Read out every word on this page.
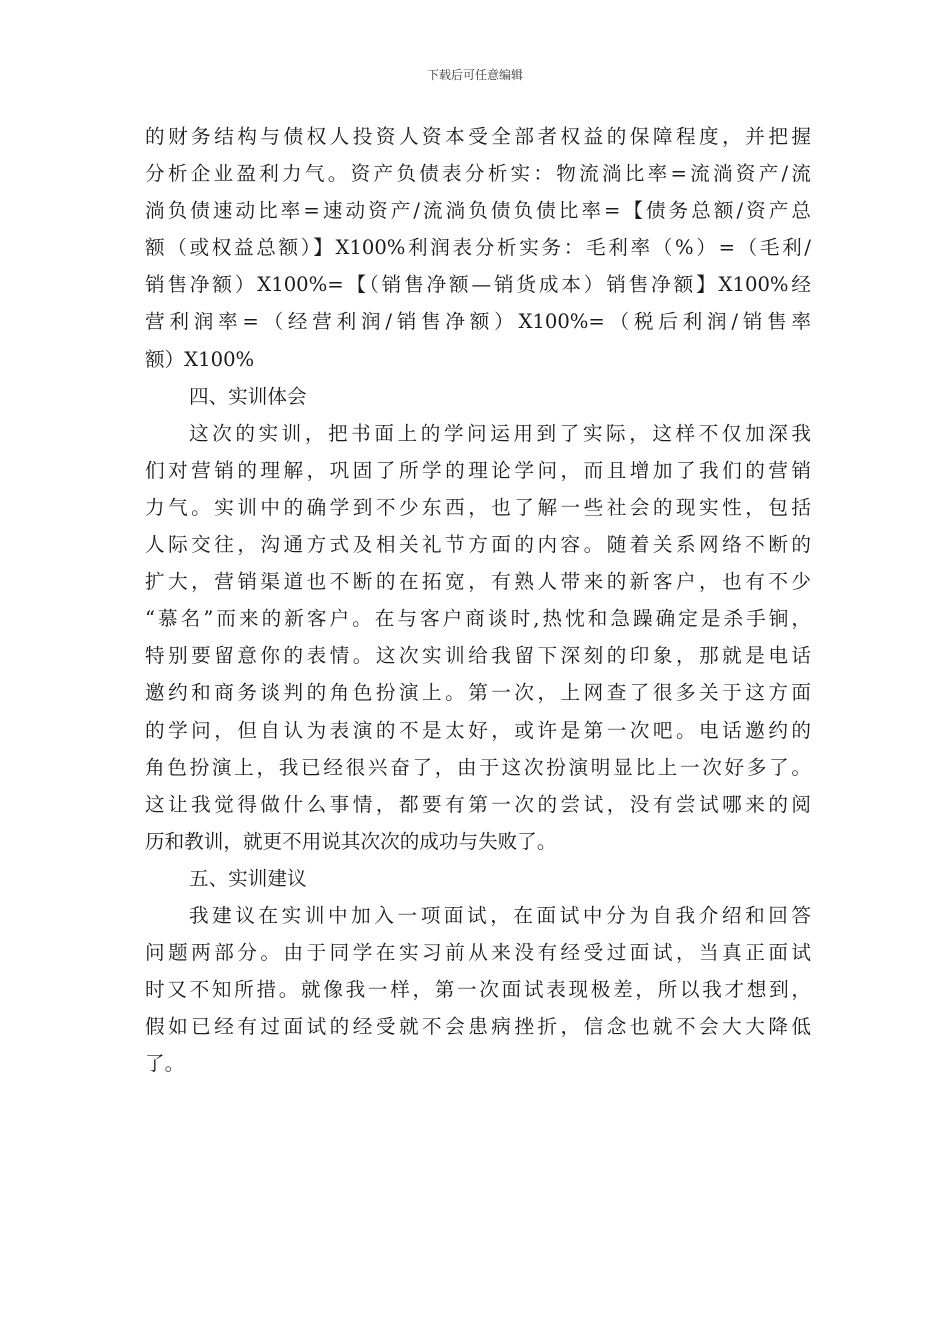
下载后可任意编辑
的财务结构与债权人投资人资本受全部者权益的保障程度，并把握
分析企业盈利力气。资产负债表分析实：物流淌比率=流淌资产/流
淌负债速动比率=速动资产/流淌负债负债比率=【债务总额/资产总
额（或权益总额）】X100%利润表分析实务：毛利率（%）=（毛利/
销售净额）X100%=【（销售净额—销货成本）销售净额】X100%经
营利润率=（经营利润/销售净额）X100%=（税后利润/销售率
额）X100%
四、实训体会
这次的实训，把书面上的学问运用到了实际，这样不仅加深我
们对营销的理解，巩固了所学的理论学问，而且增加了我们的营销
力气。实训中的确学到不少东西，也了解一些社会的现实性，包括
人际交往，沟通方式及相关礼节方面的内容。随着关系网络不断的
扩大，营销渠道也不断的在拓宽，有熟人带来的新客户，也有不少
“慕名”而来的新客户。在与客户商谈时,热忱和急躁确定是杀手锏，
特别要留意你的表情。这次实训给我留下深刻的印象，那就是电话
邀约和商务谈判的角色扮演上。第一次，上网查了很多关于这方面
的学问，但自认为表演的不是太好，或许是第一次吧。电话邀约的
角色扮演上，我已经很兴奋了，由于这次扮演明显比上一次好多了。
这让我觉得做什么事情，都要有第一次的尝试，没有尝试哪来的阅
历和教训，就更不用说其次次的成功与失败了。
五、实训建议
我建议在实训中加入一项面试，在面试中分为自我介绍和回答
问题两部分。由于同学在实习前从来没有经受过面试，当真正面试
时又不知所措。就像我一样，第一次面试表现极差，所以我才想到，
假如已经有过面试的经受就不会患病挫折，信念也就不会大大降低
了。
